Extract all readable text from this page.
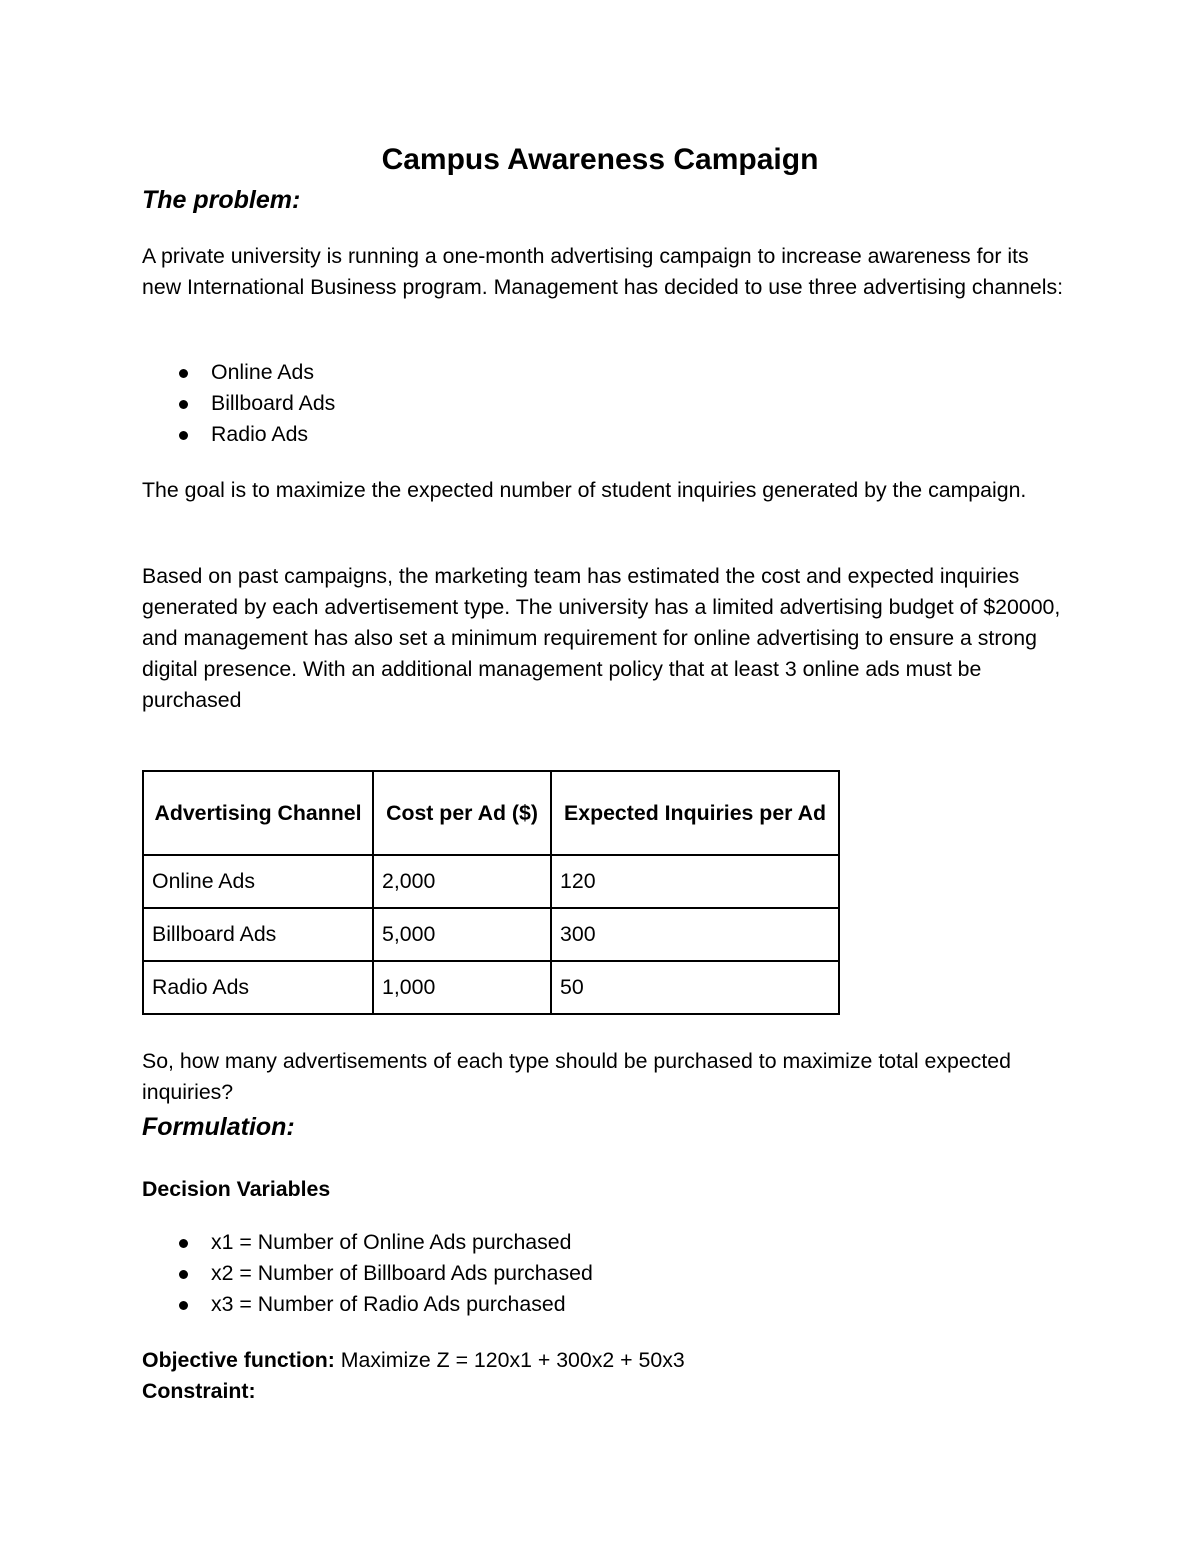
Campus Awareness Campaign
The problem:

A private university is running a one-month advertising campaign to increase awareness for its new International Business program. Management has decided to use three advertising channels:

Online Ads
Billboard Ads
Radio Ads

The goal is to maximize the expected number of student inquiries generated by the campaign.

Based on past campaigns, the marketing team has estimated the cost and expected inquiries generated by each advertisement type. The university has a limited advertising budget of $20000, and management has also set a minimum requirement for online advertising to ensure a strong digital presence. With an additional management policy that at least 3 online ads must be purchased

Advertising Channel	Cost per Ad ($)	Expected Inquiries per Ad
Online Ads	2,000	120
Billboard Ads	5,000	300
Radio Ads	1,000	50

So, how many advertisements of each type should be purchased to maximize total expected inquiries?

Formulation:
Decision Variables
x1 = Number of Online Ads purchased
x2 = Number of Billboard Ads purchased
x3 = Number of Radio Ads purchased

Objective function: Maximize Z = 120x1 + 300x2 + 50x3

Constraint:
